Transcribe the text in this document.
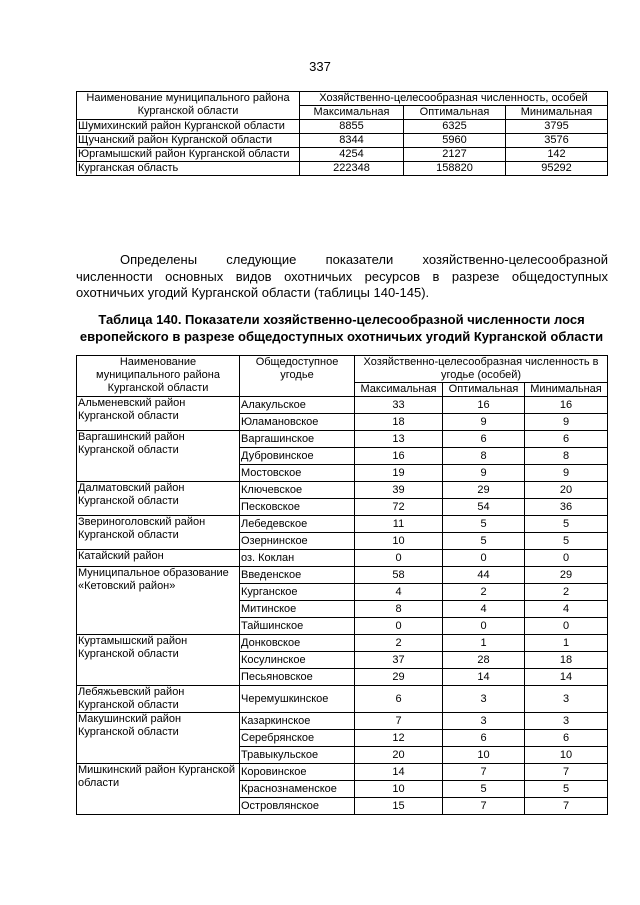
337
Наименование муниципального района Курганской области	Хозяйственно-целесообразная численность, особей		
	Максимальная	Оптимальная	Минимальная
Шумихинский район Курганской области	8855	6325	3795
Щучанский район Курганской области	8344	5960	3576
Юргамышский район Курганской области	4254	2127	142
Курганская область	222348	158820	95292

Определены следующие показатели хозяйственно-целесообразной численности основных видов охотничьих ресурсов в разрезе общедоступных охотничьих угодий Курганской области (таблицы 140-145).

Таблица 140. Показатели хозяйственно-целесообразной численности лося европейского в разрезе общедоступных охотничьих угодий Курганской области

Наименование муниципального района Курганской области	Общедоступное угодье	Хозяйственно-целесообразная численность в угодье (особей)		
		Максимальная	Оптимальная	Минимальная
Альменевский район Курганской области	Алакульское	33	16	16
	Юламановское	18	9	9
Варгашинский район Курганской области	Варгашинское	13	6	6
	Дубровинское	16	8	8
	Мостовское	19	9	9
Далматовский район Курганской области	Ключевское	39	29	20
	Песковское	72	54	36
Звериноголовский район Курганской области	Лебедевское	11	5	5
	Озернинское	10	5	5
Катайский район	оз. Коклан	0	0	0
Муниципальное образование «Кетовский район»	Введенское	58	44	29
	Курганское	4	2	2
	Митинское	8	4	4
	Тайшинское	0	0	0
Куртамышский район Курганской области	Донковское	2	1	1
	Косулинское	37	28	18
	Песьяновское	29	14	14
Лебяжьевский район Курганской области	Черемушкинское	6	3	3
Макушинский район Курганской области	Казаркинское	7	3	3
	Серебрянское	12	6	6
	Травыкульское	20	10	10
Мишкинский район Курганской области	Коровинское	14	7	7
	Краснознаменское	10	5	5
	Островлянское	15	7	7
